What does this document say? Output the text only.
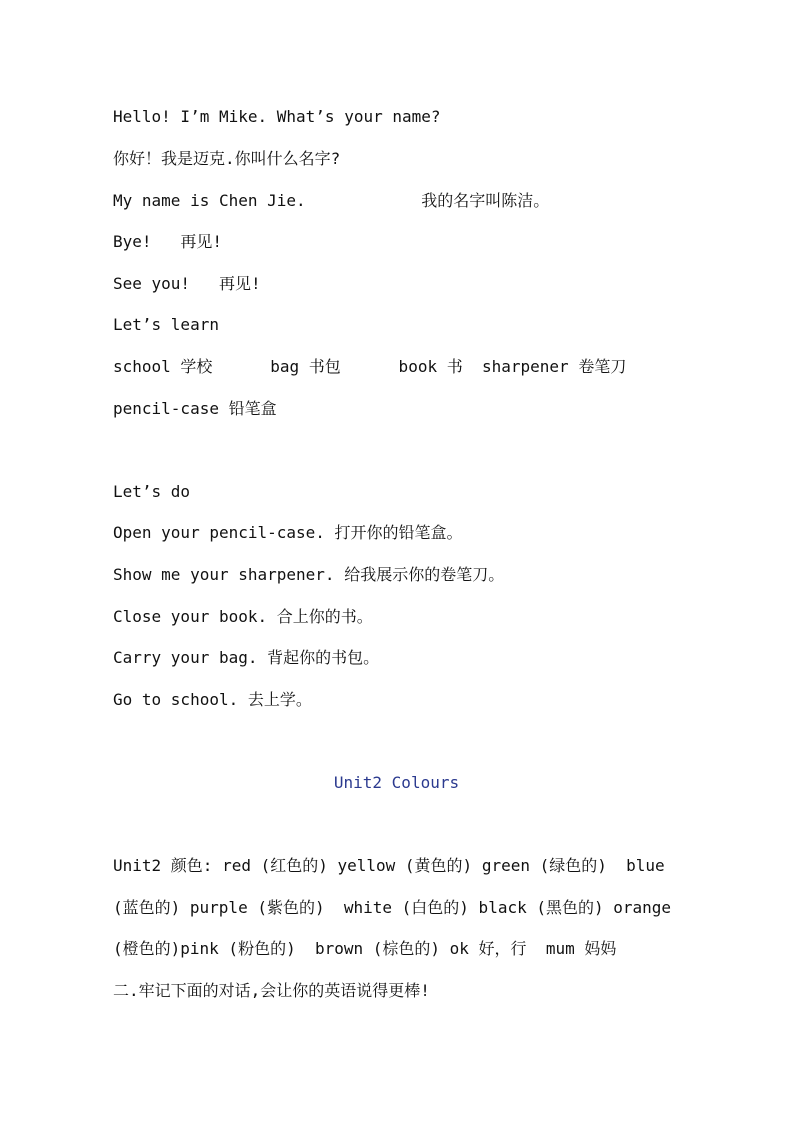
Hello! I’m Mike. What’s your name?
你好！我是迈克.你叫什么名字?
My name is Chen Jie.            我的名字叫陈洁。
Bye!   再见!
See you!   再见!
Let’s learn
school 学校      bag 书包      book 书  sharpener 卷笔刀
pencil-case 铅笔盒
Let’s do
Open your pencil-case. 打开你的铅笔盒。
Show me your sharpener. 给我展示你的卷笔刀。
Close your book. 合上你的书。
Carry your bag. 背起你的书包。
Go to school. 去上学。
Unit2 Colours
Unit2 颜色: red (红色的) yellow (黄色的) green (绿色的)  blue
(蓝色的) purple (紫色的)  white (白色的) black (黑色的) orange
(橙色的)pink (粉色的)  brown (棕色的) ok 好，行  mum 妈妈
二.牢记下面的对话,会让你的英语说得更棒!
